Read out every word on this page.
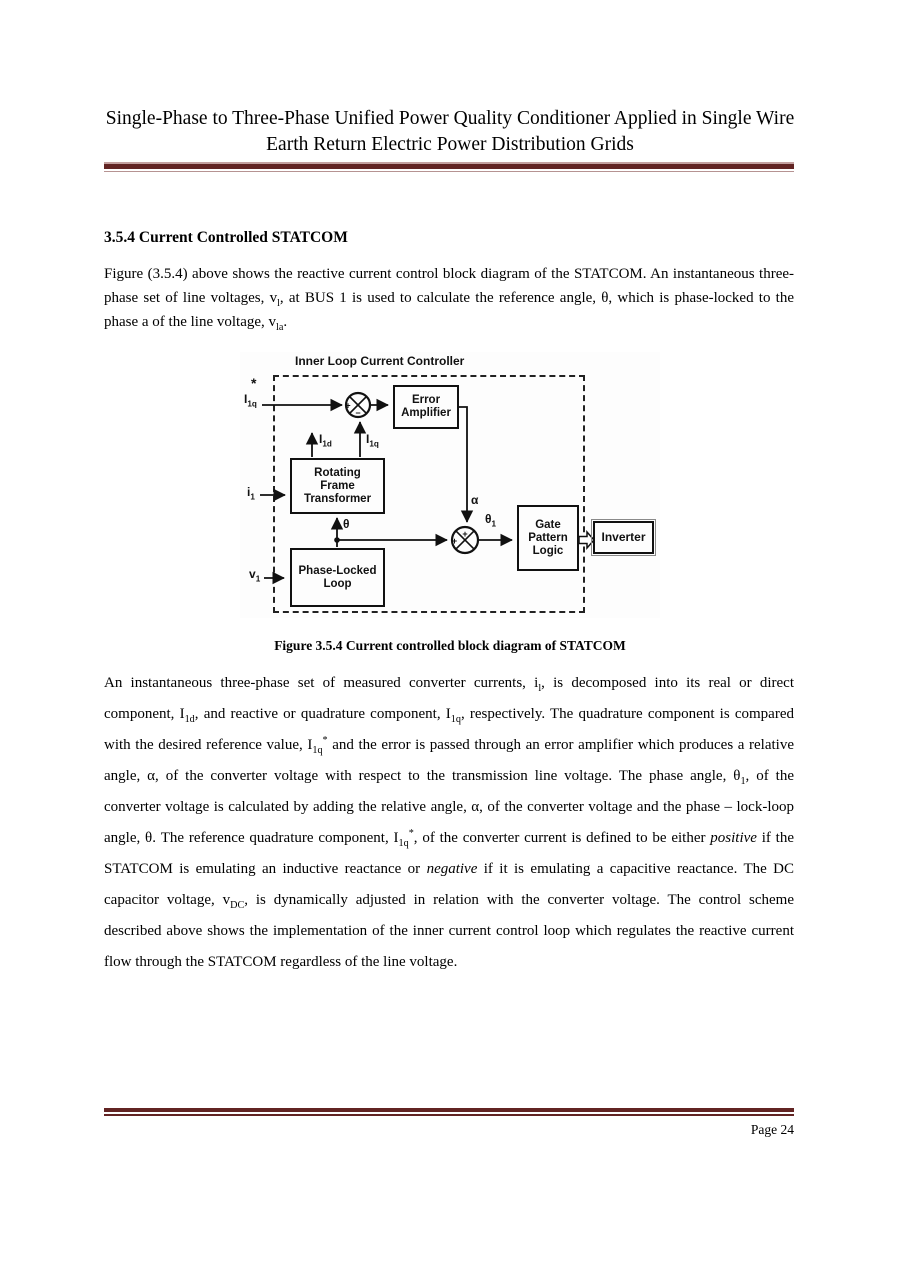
Single-Phase to Three-Phase Unified Power Quality Conditioner Applied in Single Wire Earth Return Electric Power Distribution Grids
3.5.4 Current Controlled STATCOM
Figure (3.5.4) above shows the reactive current control block diagram of the STATCOM. An instantaneous three-phase set of line voltages, $v_l$, at BUS 1 is used to calculate the reference angle, θ, which is phase-locked to the phase a of the line voltage, $v_{la}$.
Inner Loop Current Controller
+
−
+
+
Error
Amplifier
Rotating
Frame
Transformer
Phase-Locked
Loop
Gate
Pattern
Logic
Inverter
*
$I_{1q}$
$I_{1d}$	$I_{1q}$
$i_1$
$v_1$
α
$\theta_1$
θ
Figure 3.5.4 Current controlled block diagram of STATCOM
An instantaneous three-phase set of measured converter currents, $i_l$, is decomposed into its real or direct component, $I_{1d}$, and reactive or quadrature component, $I_{1q}$, respectively. The quadrature component is compared with the desired reference value, $I_{1q}^*$ and the error is passed through an error amplifier which produces a relative angle, α, of the converter voltage with respect to the transmission line voltage. The phase angle, $\theta_1$, of the converter voltage is calculated by adding the relative angle, α, of the converter voltage and the phase – lock-loop angle, θ. The reference quadrature component, $I_{1q}^*$, of the converter current is defined to be either positive if the STATCOM is emulating an inductive reactance or negative if it is emulating a capacitive reactance. The DC capacitor voltage, $v_{DC}$, is dynamically adjusted in relation with the converter voltage. The control scheme described above shows the implementation of the inner current control loop which regulates the reactive current flow through the STATCOM regardless of the line voltage.
Page 24
